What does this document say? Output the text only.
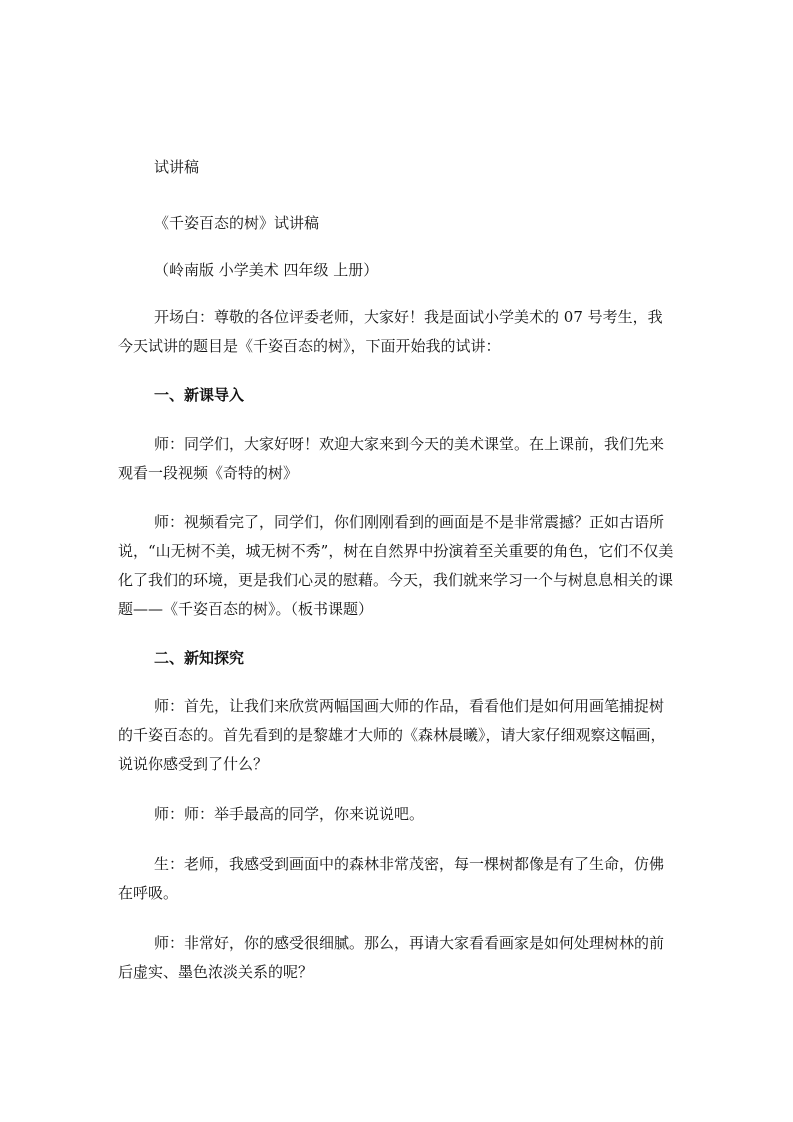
试讲稿

《千姿百态的树》试讲稿

（岭南版 小学美术 四年级 上册）

开场白：尊敬的各位评委老师，大家好！我是面试小学美术的 07 号考生，我今天试讲的题目是《千姿百态的树》，下面开始我的试讲：

一、新课导入

师：同学们，大家好呀！欢迎大家来到今天的美术课堂。在上课前，我们先来观看一段视频《奇特的树》

师：视频看完了，同学们，你们刚刚看到的画面是不是非常震撼？正如古语所说，“山无树不美，城无树不秀”，树在自然界中扮演着至关重要的角色，它们不仅美化了我们的环境，更是我们心灵的慰藉。今天，我们就来学习一个与树息息相关的课题——《千姿百态的树》。（板书课题）

二、新知探究

师：首先，让我们来欣赏两幅国画大师的作品，看看他们是如何用画笔捕捉树的千姿百态的。首先看到的是黎雄才大师的《森林晨曦》，请大家仔细观察这幅画，说说你感受到了什么？

师：师：举手最高的同学，你来说说吧。

生：老师，我感受到画面中的森林非常茂密，每一棵树都像是有了生命，仿佛在呼吸。

师：非常好，你的感受很细腻。那么，再请大家看看画家是如何处理树林的前后虚实、墨色浓淡关系的呢？
